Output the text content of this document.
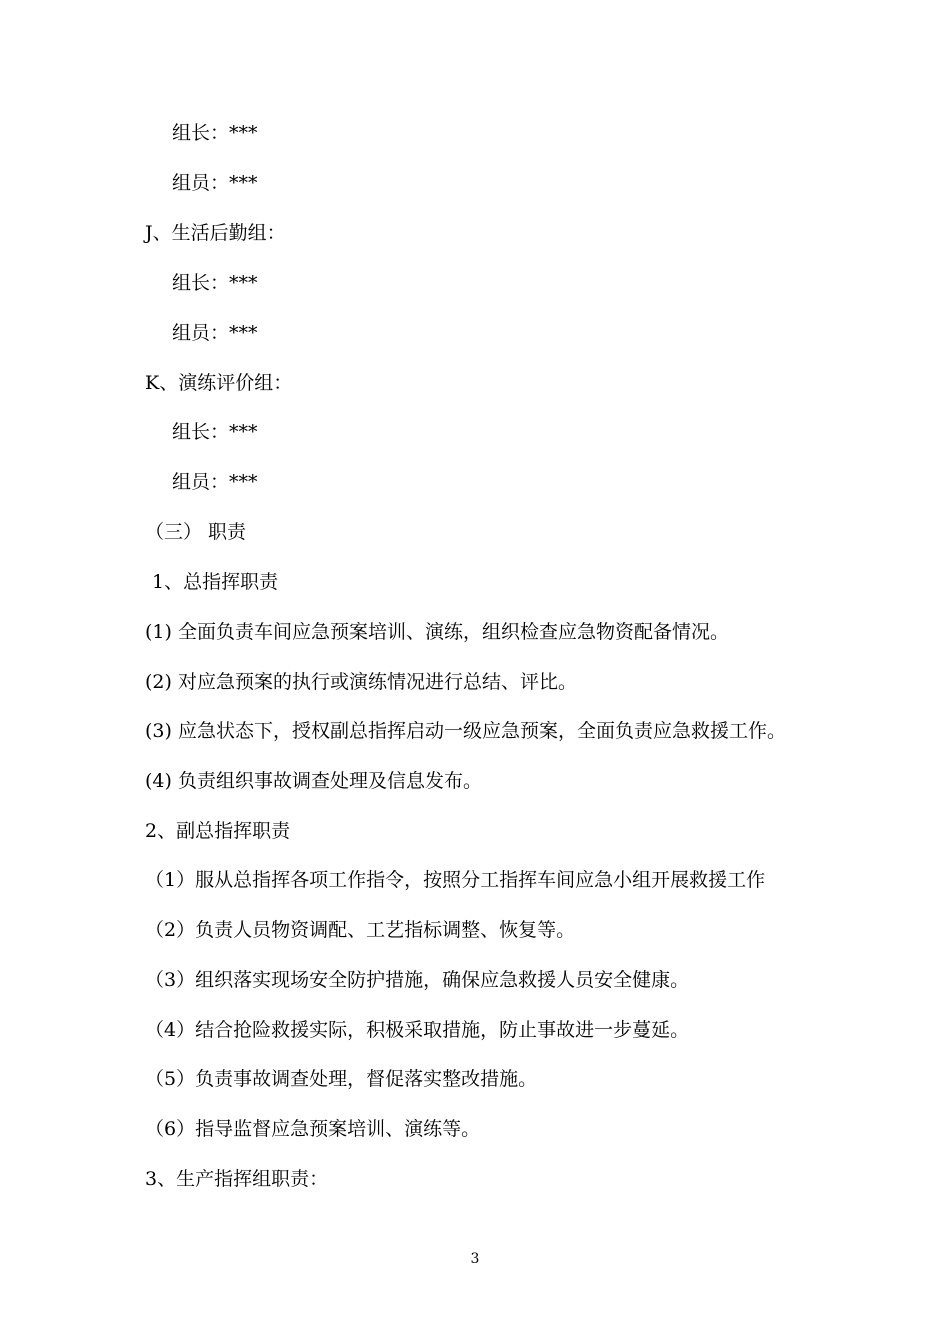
组长：***
组员：***
J、生活后勤组：
组长：***
组员：***
K、演练评价组：
组长：***
组员：***
（三） 职责
1、总指挥职责
(1) 全面负责车间应急预案培训、演练，组织检查应急物资配备情况。
(2) 对应急预案的执行或演练情况进行总结、评比。
(3) 应急状态下，授权副总指挥启动一级应急预案，全面负责应急救援工作。
(4) 负责组织事故调查处理及信息发布。
2、副总指挥职责
（1）服从总指挥各项工作指令，按照分工指挥车间应急小组开展救援工作
（2）负责人员物资调配、工艺指标调整、恢复等。
（3）组织落实现场安全防护措施，确保应急救援人员安全健康。
（4）结合抢险救援实际，积极采取措施，防止事故进一步蔓延。
（5）负责事故调查处理，督促落实整改措施。
（6）指导监督应急预案培训、演练等。
3、生产指挥组职责：
3
